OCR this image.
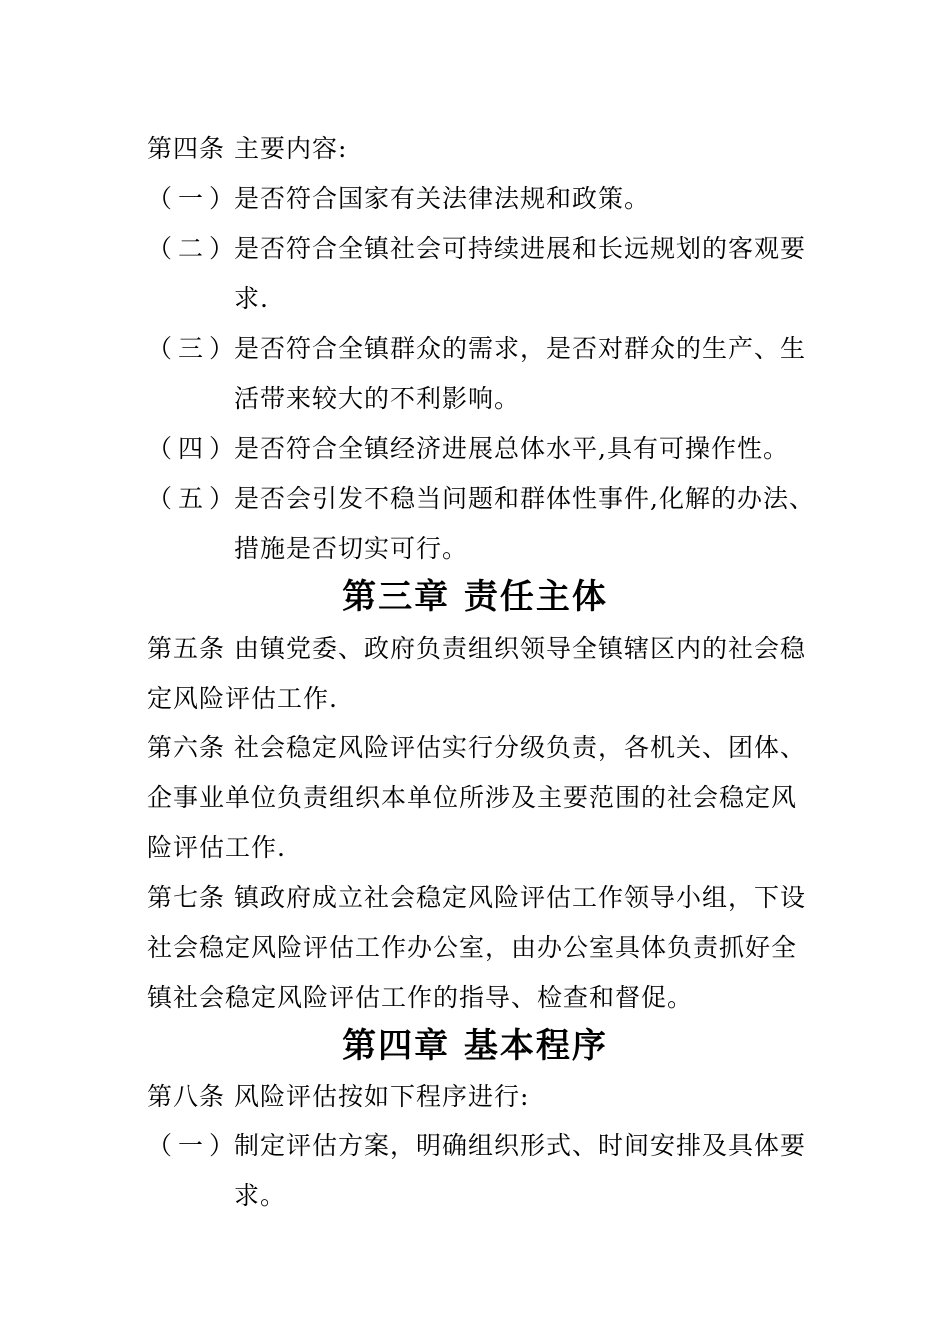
第四条 主要内容:
（一）
是否符合国家有关法律法规和政策。
（二）
是否符合全镇社会可持续进展和长远规划的客观要
求.
（三）
是否符合全镇群众的需求，是否对群众的生产、生
活带来较大的不利影响。
（四）
是否符合全镇经济进展总体水平,具有可操作性。
（五）
是否会引发不稳当问题和群体性事件,化解的办法、
措施是否切实可行。
第三章 责任主体
第五条 由镇党委、政府负责组织领导全镇辖区内的社会稳
定风险评估工作.
第六条 社会稳定风险评估实行分级负责，各机关、团体、
企事业单位负责组织本单位所涉及主要范围的社会稳定风
险评估工作.
第七条 镇政府成立社会稳定风险评估工作领导小组，下设
社会稳定风险评估工作办公室，由办公室具体负责抓好全
镇社会稳定风险评估工作的指导、检查和督促。
第四章 基本程序
第八条 风险评估按如下程序进行:
（一）
制定评估方案，明确组织形式、时间安排及具体要
求。
